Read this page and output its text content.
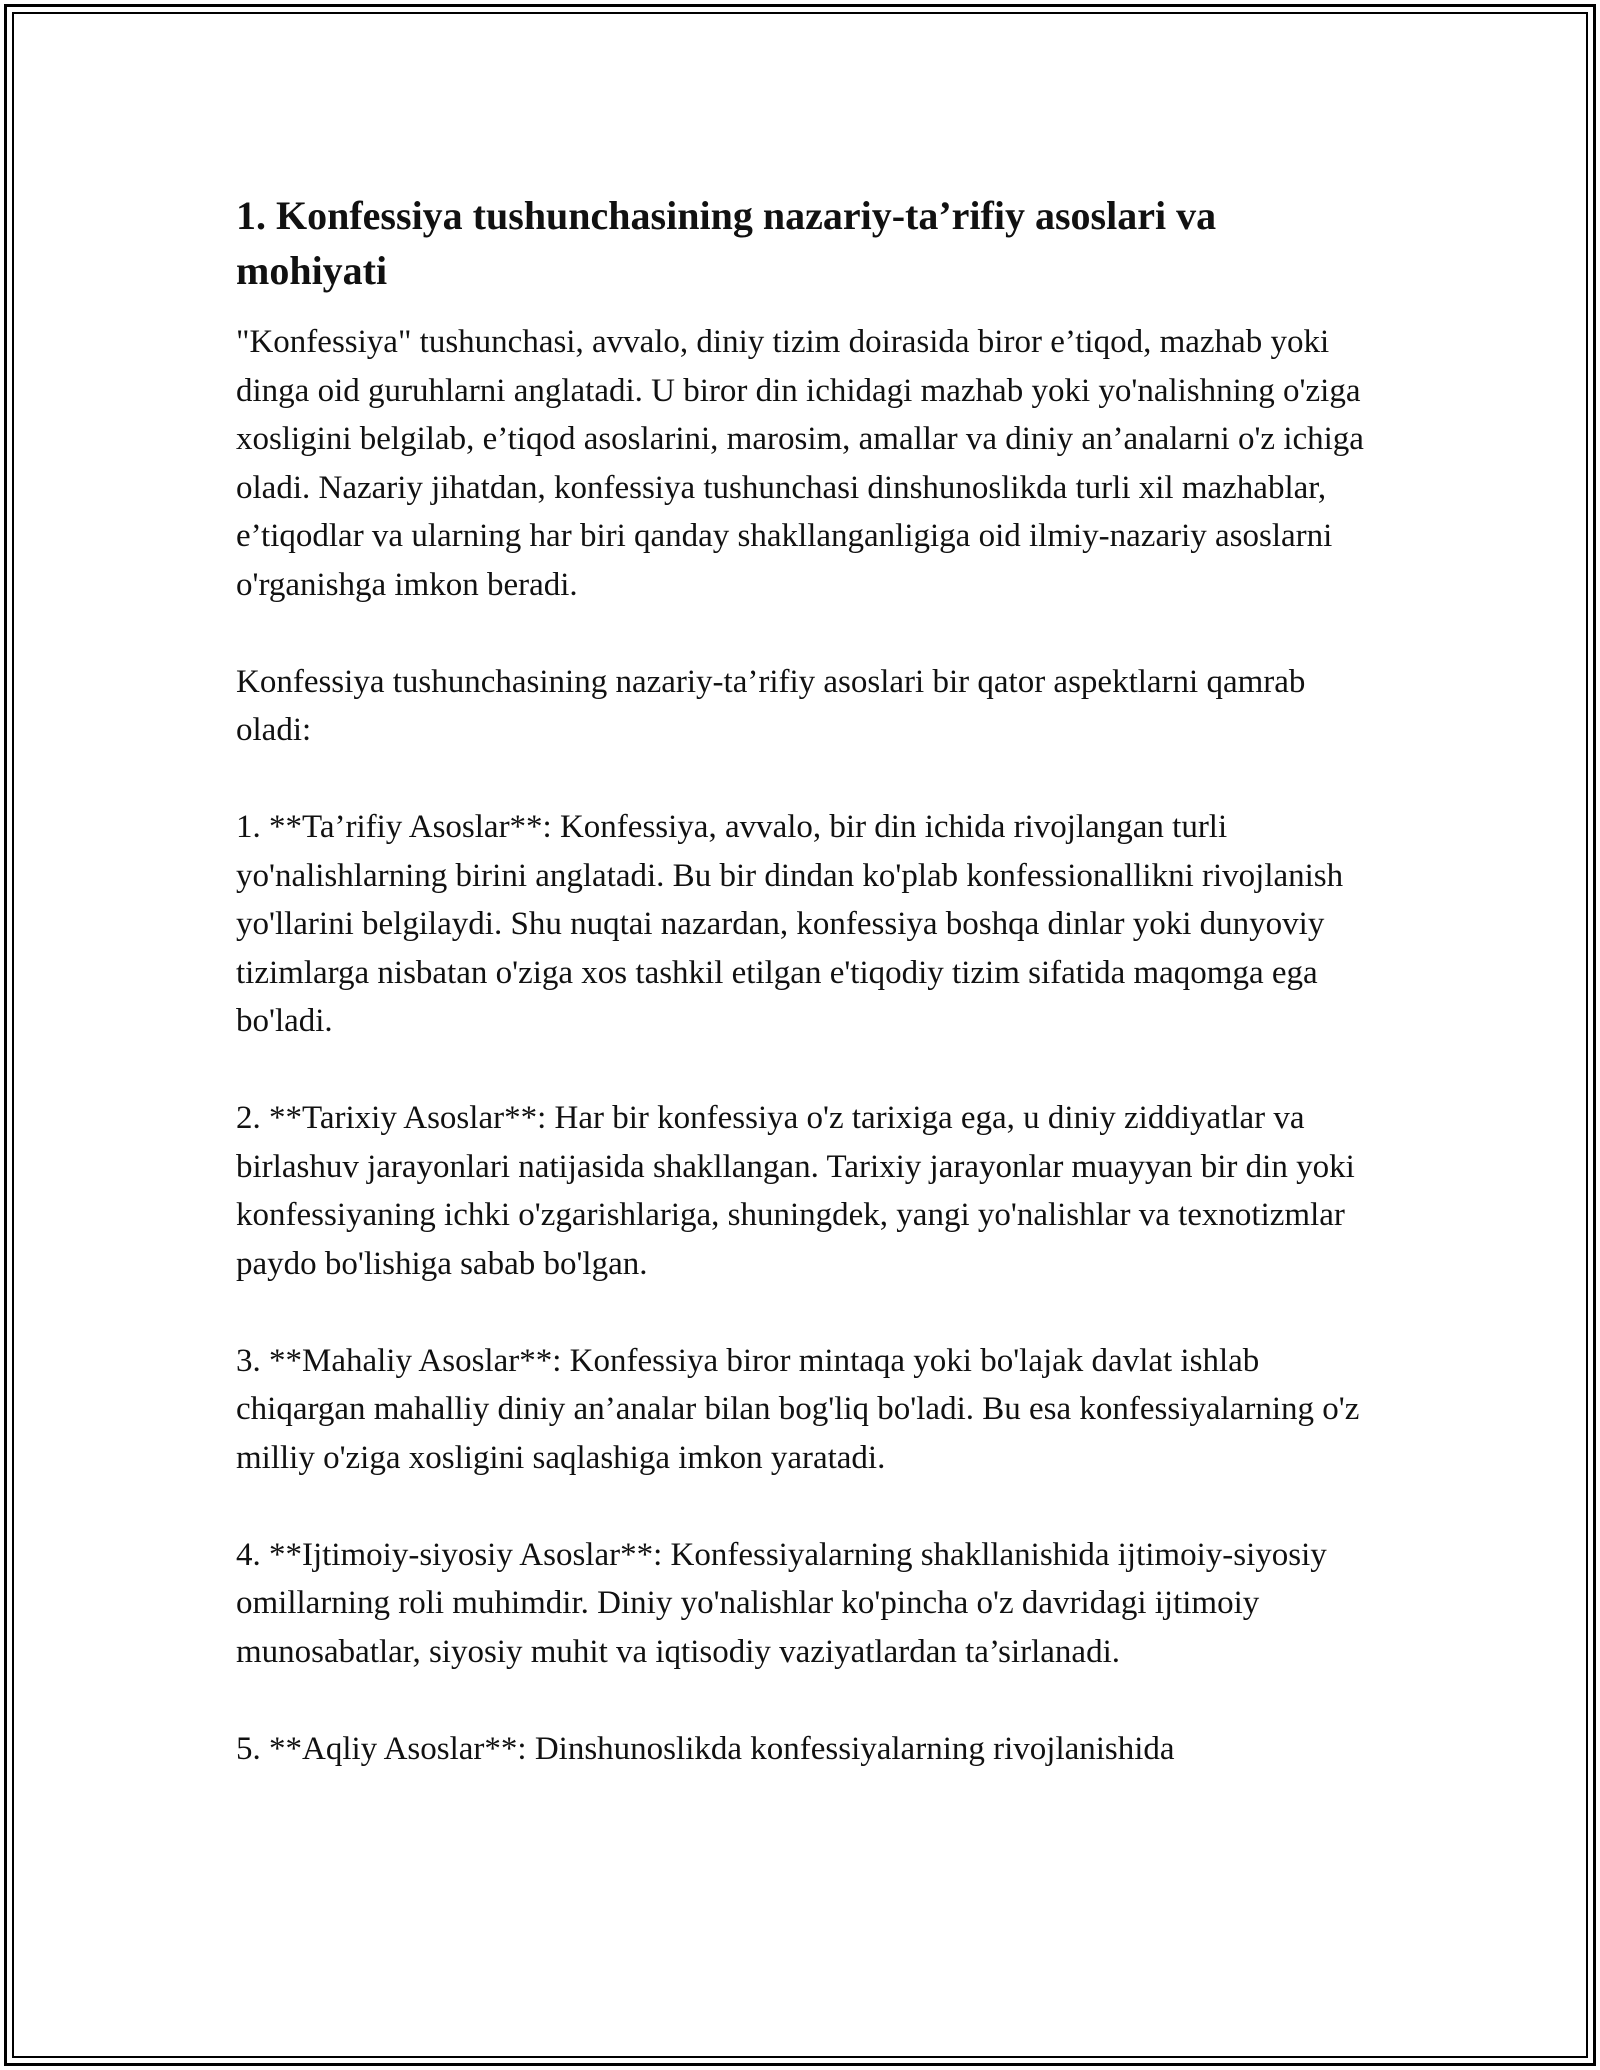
1. Konfessiya tushunchasining nazariy-ta’rifiy asoslari va mohiyati

"Konfessiya" tushunchasi, avvalo, diniy tizim doirasida biror e’tiqod, mazhab yoki dinga oid guruhlarni anglatadi. U biror din ichidagi mazhab yoki yo'nalishning o'ziga xosligini belgilab, e’tiqod asoslarini, marosim, amallar va diniy an’analarni o'z ichiga oladi. Nazariy jihatdan, konfessiya tushunchasi dinshunoslikda turli xil mazhablar, e’tiqodlar va ularning har biri qanday shakllanganligiga oid ilmiy-nazariy asoslarni o'rganishga imkon beradi.

Konfessiya tushunchasining nazariy-ta’rifiy asoslari bir qator aspektlarni qamrab oladi:

1. **Ta’rifiy Asoslar**: Konfessiya, avvalo, bir din ichida rivojlangan turli yo'nalishlarning birini anglatadi. Bu bir dindan ko'plab konfessionallikni rivojlanish yo'llarini belgilaydi. Shu nuqtai nazardan, konfessiya boshqa dinlar yoki dunyoviy tizimlarga nisbatan o'ziga xos tashkil etilgan e'tiqodiy tizim sifatida maqomga ega bo'ladi.

2. **Tarixiy Asoslar**: Har bir konfessiya o'z tarixiga ega, u diniy ziddiyatlar va birlashuv jarayonlari natijasida shakllangan. Tarixiy jarayonlar muayyan bir din yoki konfessiyaning ichki o'zgarishlariga, shuningdek, yangi yo'nalishlar va texnotizmlar paydo bo'lishiga sabab bo'lgan.

3. **Mahaliy Asoslar**: Konfessiya biror mintaqa yoki bo'lajak davlat ishlab chiqargan mahalliy diniy an’analar bilan bog'liq bo'ladi. Bu esa konfessiyalarning o'z milliy o'ziga xosligini saqlashiga imkon yaratadi.

4. **Ijtimoiy-siyosiy Asoslar**: Konfessiyalarning shakllanishida ijtimoiy-siyosiy omillarning roli muhimdir. Diniy yo'nalishlar ko'pincha o'z davridagi ijtimoiy munosabatlar, siyosiy muhit va iqtisodiy vaziyatlardan ta’sirlanadi.

5. **Aqliy Asoslar**: Dinshunoslikda konfessiyalarning rivojlanishida
